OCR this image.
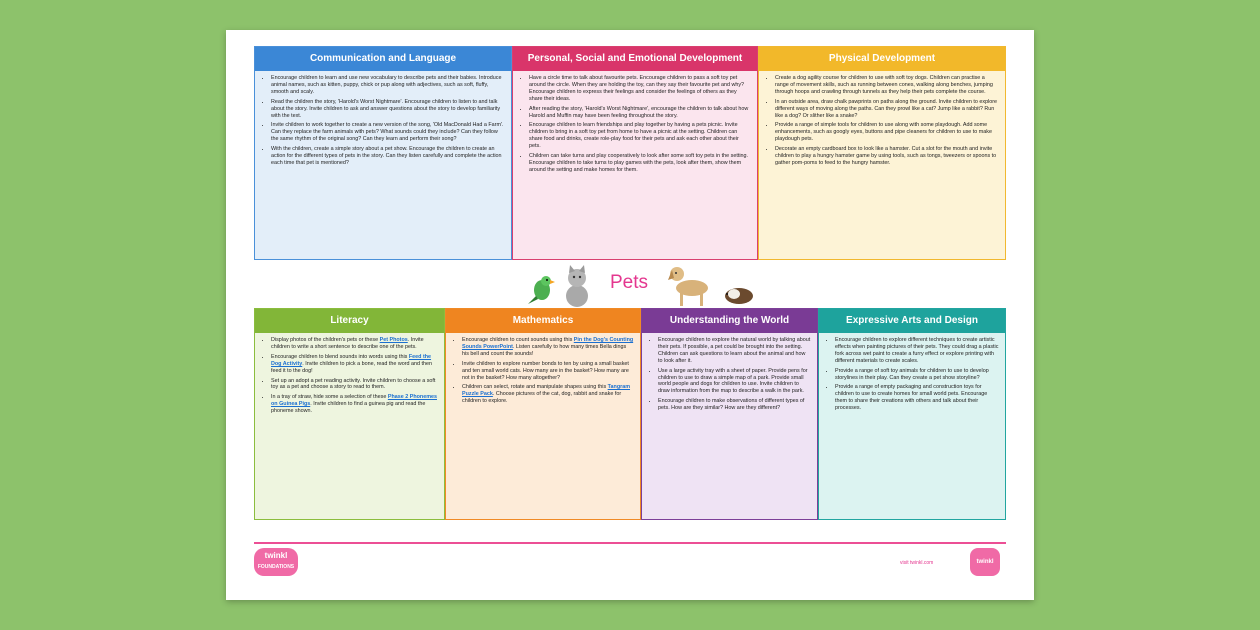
Communication and Language
• Encourage children to learn and use new vocabulary to describe pets and their babies. Introduce animal names, such as kitten, puppy, chick or pup along with adjectives, such as soft, fluffy, smooth and scaly.
• Read the children the story, 'Harold's Worst Nightmare'. Encourage children to listen to and talk about the story. Invite children to ask and answer questions about the story to develop familiarity with the text.
• Invite children to work together to create a new version of the song, 'Old MacDonald Had a Farm'. Can they replace the farm animals with pets? What sounds could they include? Can they follow the same rhythm of the original song? Can they learn and perform their song?
• With the children, create a simple story about a pet show. Encourage the children to create an action for the different types of pets in the story. Can they listen carefully and complete the action each time that pet is mentioned?
Personal, Social and Emotional Development
• Have a circle time to talk about favourite pets. Encourage children to pass a soft toy pet around the circle. When they are holding the toy, can they say their favourite pet and why? Encourage children to express their feelings and consider the feelings of others as they share their ideas.
• After reading the story, 'Harold's Worst Nightmare', encourage the children to talk about how Harold and Muffin may have been feeling throughout the story.
• Encourage children to learn friendships and play together by having a pets picnic. Invite children to bring in a soft toy pet from home to have a picnic at the setting. Children can share food and drinks, create role-play food for their pets and ask each other about their pets.
• Children can take turns and play cooperatively to look after some soft toy pets in the setting. Encourage children to take turns to play games with the pets, look after them, show them around the setting and make homes for them.
Physical Development
• Create a dog agility course for children to use with soft toy dogs. Children can practise a range of movement skills, such as running between cones, walking along benches, jumping through hoops and crawling through tunnels as they help their pets complete the course.
• In an outside area, draw chalk pawprints on paths along the ground. Invite children to explore different ways of moving along the paths. Can they prowl like a cat? Jump like a rabbit? Run like a dog? Or slither like a snake?
• Provide a range of simple tools for children to use along with some playdough. Add some enhancements, such as googly eyes, buttons and pipe cleaners for children to use to make playdough pets.
• Decorate an empty cardboard box to look like a hamster. Cut a slot for the mouth and invite children to play a hungry hamster game by using tools, such as tongs, tweezers or spoons to gather pom-poms to feed to the hungry hamster.
Pets
Literacy
• Display photos of the children's pets or these Pet Photos. Invite children to write a short sentence to describe one of the pets.
• Encourage children to blend sounds into words using this Feed the Dog Activity. Invite children to pick a bone, read the word and then feed it to the dog!
• Set up an adopt a pet reading activity. Invite children to choose a soft toy as a pet and choose a story to read to them.
• In a tray of straw, hide some a selection of these Phase 2 Phonemes on Guinea Pigs. Invite children to find a guinea pig and read the phoneme shown.
Mathematics
• Encourage children to count sounds using this Pin the Dog's Counting Sounds PowerPoint. Listen carefully to how many times Bella dings his bell and count the sounds!
• Invite children to explore number bonds to ten by using a small basket and ten small world cats. How many are in the basket? How many are not in the basket? How many altogether?
• Children can select, rotate and manipulate shapes using this Tangram Puzzle Pack. Choose pictures of the cat, dog, rabbit and snake for children to explore.
Understanding the World
• Encourage children to explore the natural world by talking about their pets. If possible, a pet could be brought into the setting. Children can ask questions to learn about the animal and how to look after it.
• Use a large activity tray with a sheet of paper. Provide pens for children to use to draw a simple map of a park. Provide small world people and dogs for children to use. Invite children to draw information from the map to describe a walk in the park.
• Encourage children to make observations of different types of pets. How are they similar? How are they different?
Expressive Arts and Design
• Encourage children to explore different techniques to create artistic effects when painting pictures of their pets. They could drag a plastic fork across wet paint to create a furry effect or explore printing with different materials to create scales.
• Provide a range of soft toy animals for children to use to develop storylines in their play. Can they create a pet show storyline?
• Provide a range of empty packaging and construction toys for children to use to create homes for small world pets. Encourage them to share their creations with others and talk about their processes.
twinkl
FOUNDATIONS
visit twinkl.com	twinkl
